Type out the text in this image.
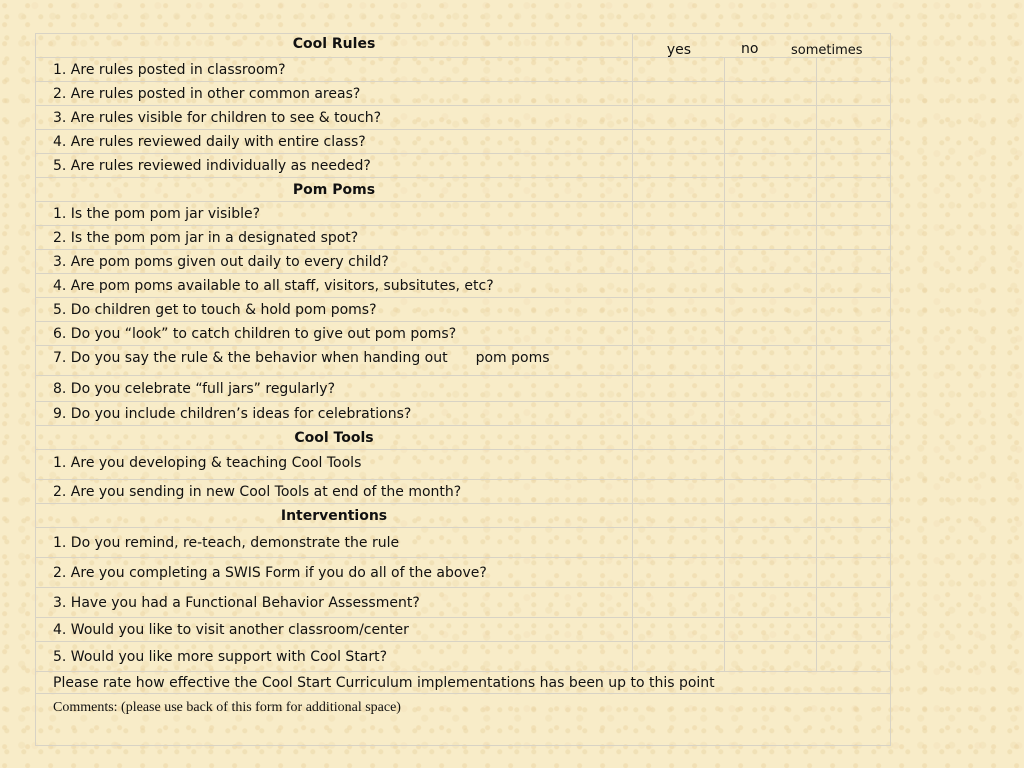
Cool Rules	yes no sometimes		

1. Are rules posted in classroom?			
2. Are rules posted in other common areas?			
3. Are rules visible for children to see & touch?			
4. Are rules reviewed daily with entire class?			
5. Are rules reviewed individually as needed?			
Pom Poms			
1. Is the pom pom jar visible?			
2. Is the pom pom jar in a designated spot?			
3. Are pom poms given out daily to every child?			
4. Are pom poms available to all staff, visitors, subsitutes, etc?			
5. Do children get to touch & hold pom poms?			
6. Do you “look” to catch children to give out pom poms?			
7. Do you say the rule & the behavior when handing out pom poms			
8. Do you celebrate “full jars” regularly?			
9. Do you include children’s ideas for celebrations?			
Cool Tools			
1. Are you developing & teaching Cool Tools			
2. Are you sending in new Cool Tools at end of the month?			
Interventions			
1. Do you remind, re-teach, demonstrate the rule			
2. Are you completing a SWIS Form if you do all of the above?			
3. Have you had a Functional Behavior Assessment?			
4. Would you like to visit another classroom/center			
5. Would you like more support with Cool Start?			
Please rate how effective the Cool Start Curriculum implementations has been up to this point			
Comments: (please use back of this form for additional space)			
